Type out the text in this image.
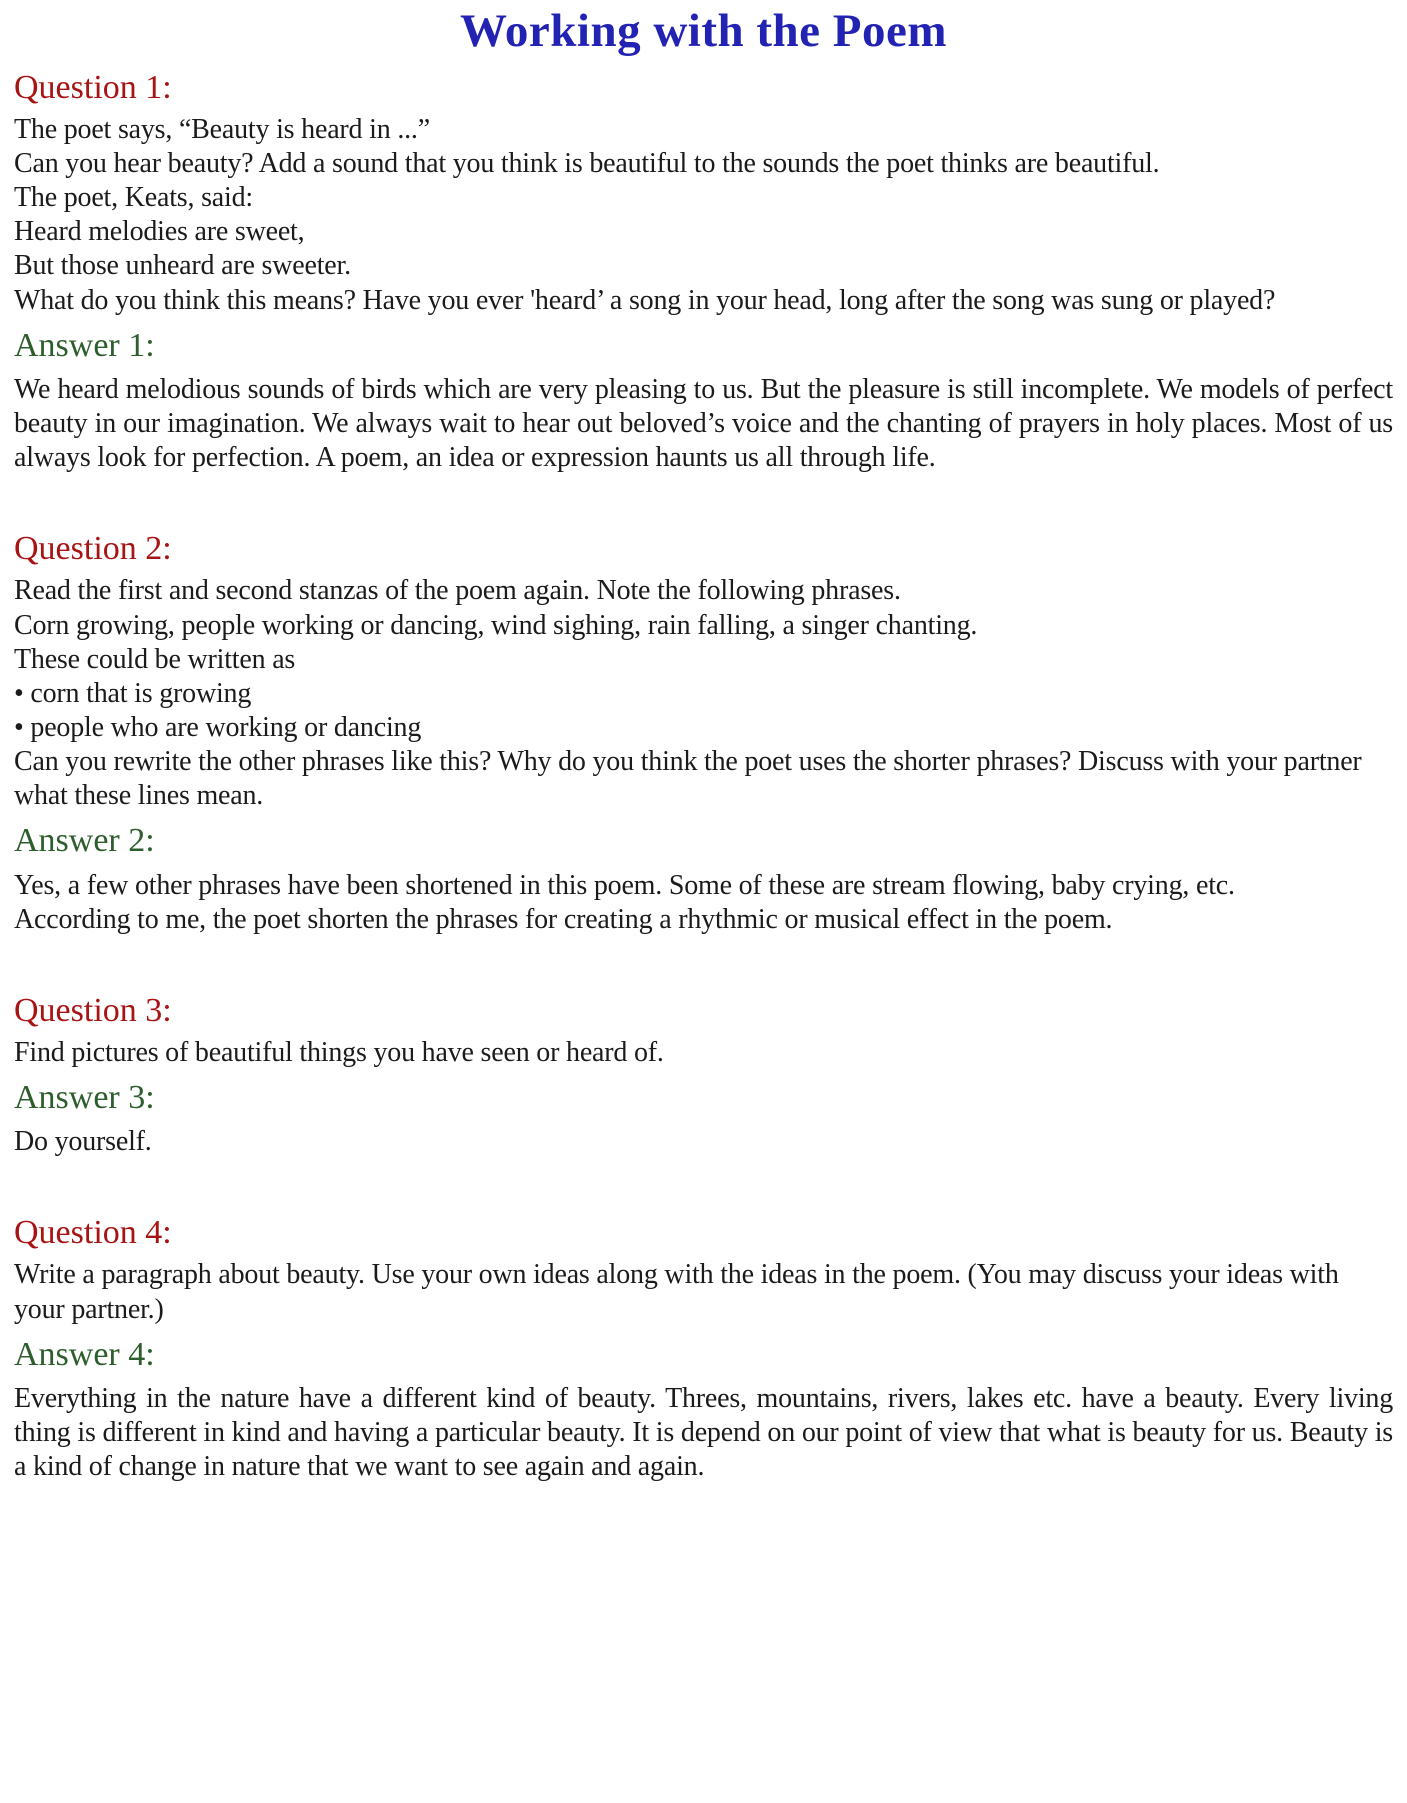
Working with the Poem
Question 1:

The poet says, “Beauty is heard in ...”

Can you hear beauty? Add a sound that you think is beautiful to the sounds the poet thinks are beautiful.

The poet, Keats, said:

Heard melodies are sweet,

But those unheard are sweeter.

What do you think this means? Have you ever 'heard’ a song in your head, long after the song was sung or played?

Answer 1:

We heard melodious sounds of birds which are very pleasing to us. But the pleasure is still incomplete. We models of perfect beauty in our imagination. We always wait to hear out beloved’s voice and the chanting of prayers in holy places. Most of us always look for perfection. A poem, an idea or expression haunts us all through life.

Question 2:

Read the first and second stanzas of the poem again. Note the following phrases.

Corn growing, people working or dancing, wind sighing, rain falling, a singer chanting.

These could be written as

• corn that is growing

• people who are working or dancing

Can you rewrite the other phrases like this? Why do you think the poet uses the shorter phrases? Discuss with your partner what these lines mean.

Answer 2:

Yes, a few other phrases have been shortened in this poem. Some of these are stream flowing, baby crying, etc.

According to me, the poet shorten the phrases for creating a rhythmic or musical effect in the poem.

Question 3:

Find pictures of beautiful things you have seen or heard of.

Answer 3:

Do yourself.

Question 4:

Write a paragraph about beauty. Use your own ideas along with the ideas in the poem. (You may discuss your ideas with your partner.)

Answer 4:

Everything in the nature have a different kind of beauty. Threes, mountains, rivers, lakes etc. have a beauty. Every living thing is different in kind and having a particular beauty. It is depend on our point of view that what is beauty for us. Beauty is a kind of change in nature that we want to see again and again.
